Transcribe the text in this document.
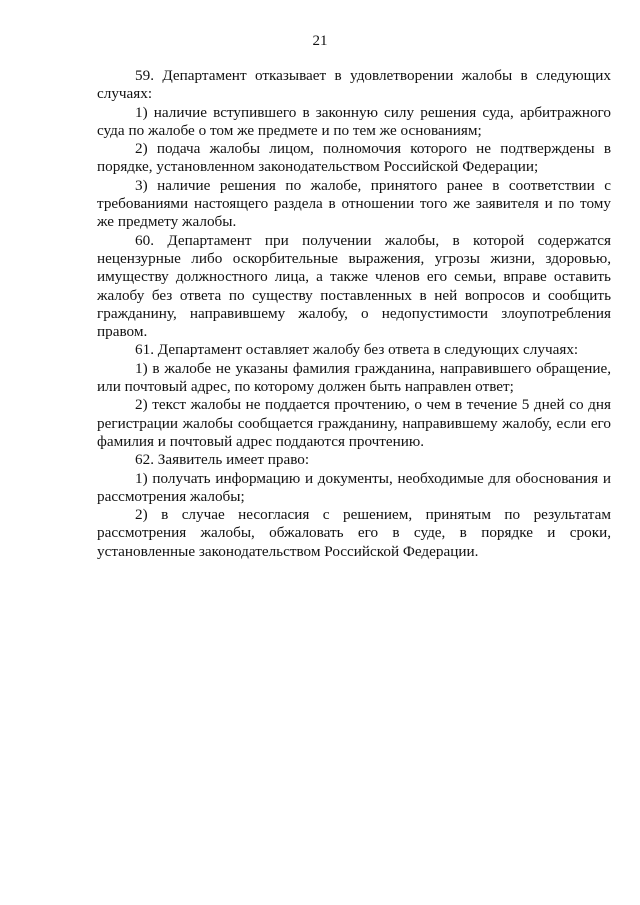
21

59. Департамент отказывает в удовлетворении жалобы в следующих случаях:

1) наличие вступившего в законную силу решения суда, арбитражного суда по жалобе о том же предмете и по тем же основаниям;

2) подача жалобы лицом, полномочия которого не подтверждены в порядке, установленном законодательством Российской Федерации;

3) наличие решения по жалобе, принятого ранее в соответствии с требованиями настоящего раздела в отношении того же заявителя и по тому же предмету жалобы.

60. Департамент при получении жалобы, в которой содержатся нецензурные либо оскорбительные выражения, угрозы жизни, здоровью, имуществу должностного лица, а также членов его семьи, вправе оставить жалобу без ответа по существу поставленных в ней вопросов и сообщить гражданину, направившему жалобу, о недопустимости злоупотребления правом.

61. Департамент оставляет жалобу без ответа в следующих случаях:

1) в жалобе не указаны фамилия гражданина, направившего обращение, или почтовый адрес, по которому должен быть направлен ответ;

2) текст жалобы не поддается прочтению, о чем в течение 5 дней со дня регистрации жалобы сообщается гражданину, направившему жалобу, если его фамилия и почтовый адрес поддаются прочтению.

62. Заявитель имеет право:

1) получать информацию и документы, необходимые для обоснования и рассмотрения жалобы;

2) в случае несогласия с решением, принятым по результатам рассмотрения жалобы, обжаловать его в суде, в порядке и сроки, установленные законодательством Российской Федерации.
